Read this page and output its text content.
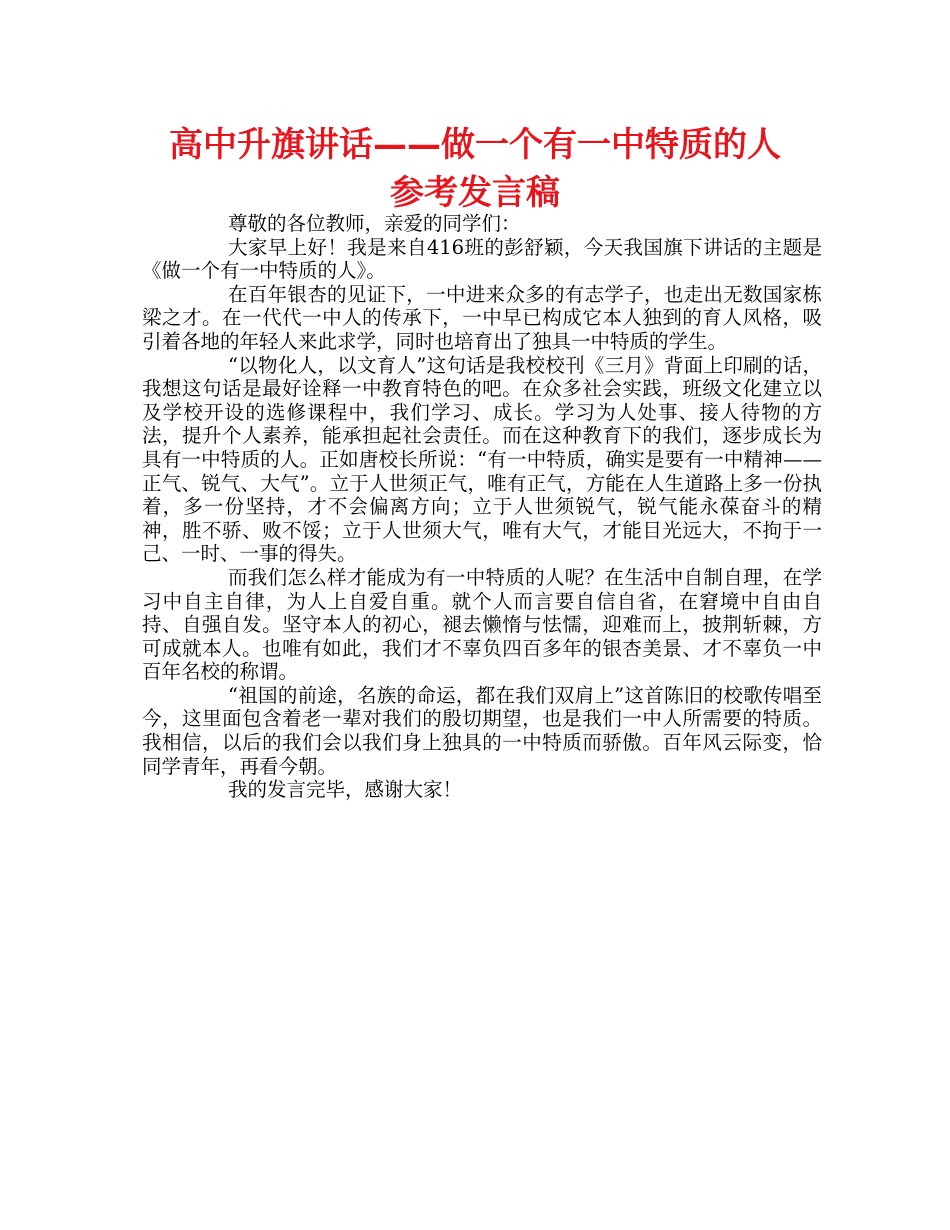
高中升旗讲话——做一个有一中特质的人
参考发言稿

尊敬的各位教师，亲爱的同学们：

大家早上好！我是来自416班的彭舒颖，今天我国旗下讲话的主题是《做一个有一中特质的人》。

在百年银杏的见证下，一中进来众多的有志学子，也走出无数国家栋梁之才。在一代代一中人的传承下，一中早已构成它本人独到的育人风格，吸引着各地的年轻人来此求学，同时也培育出了独具一中特质的学生。

“以物化人，以文育人”这句话是我校校刊《三月》背面上印刷的话，我想这句话是最好诠释一中教育特色的吧。在众多社会实践，班级文化建立以及学校开设的选修课程中，我们学习、成长。学习为人处事、接人待物的方法，提升个人素养，能承担起社会责任。而在这种教育下的我们，逐步成长为具有一中特质的人。正如唐校长所说：“有一中特质，确实是要有一中精神——正气、锐气、大气”。立于人世须正气，唯有正气，方能在人生道路上多一份执着，多一份坚持，才不会偏离方向；立于人世须锐气，锐气能永葆奋斗的精神，胜不骄、败不馁；立于人世须大气，唯有大气，才能目光远大，不拘于一己、一时、一事的得失。

而我们怎么样才能成为有一中特质的人呢？在生活中自制自理，在学习中自主自律，为人上自爱自重。就个人而言要自信自省，在窘境中自由自持、自强自发。坚守本人的初心，褪去懒惰与怯懦，迎难而上，披荆斩棘，方可成就本人。也唯有如此，我们才不辜负四百多年的银杏美景、才不辜负一中百年名校的称谓。

“祖国的前途，名族的命运，都在我们双肩上”这首陈旧的校歌传唱至今，这里面包含着老一辈对我们的殷切期望，也是我们一中人所需要的特质。我相信，以后的我们会以我们身上独具的一中特质而骄傲。百年风云际变，恰同学青年，再看今朝。

我的发言完毕，感谢大家！
